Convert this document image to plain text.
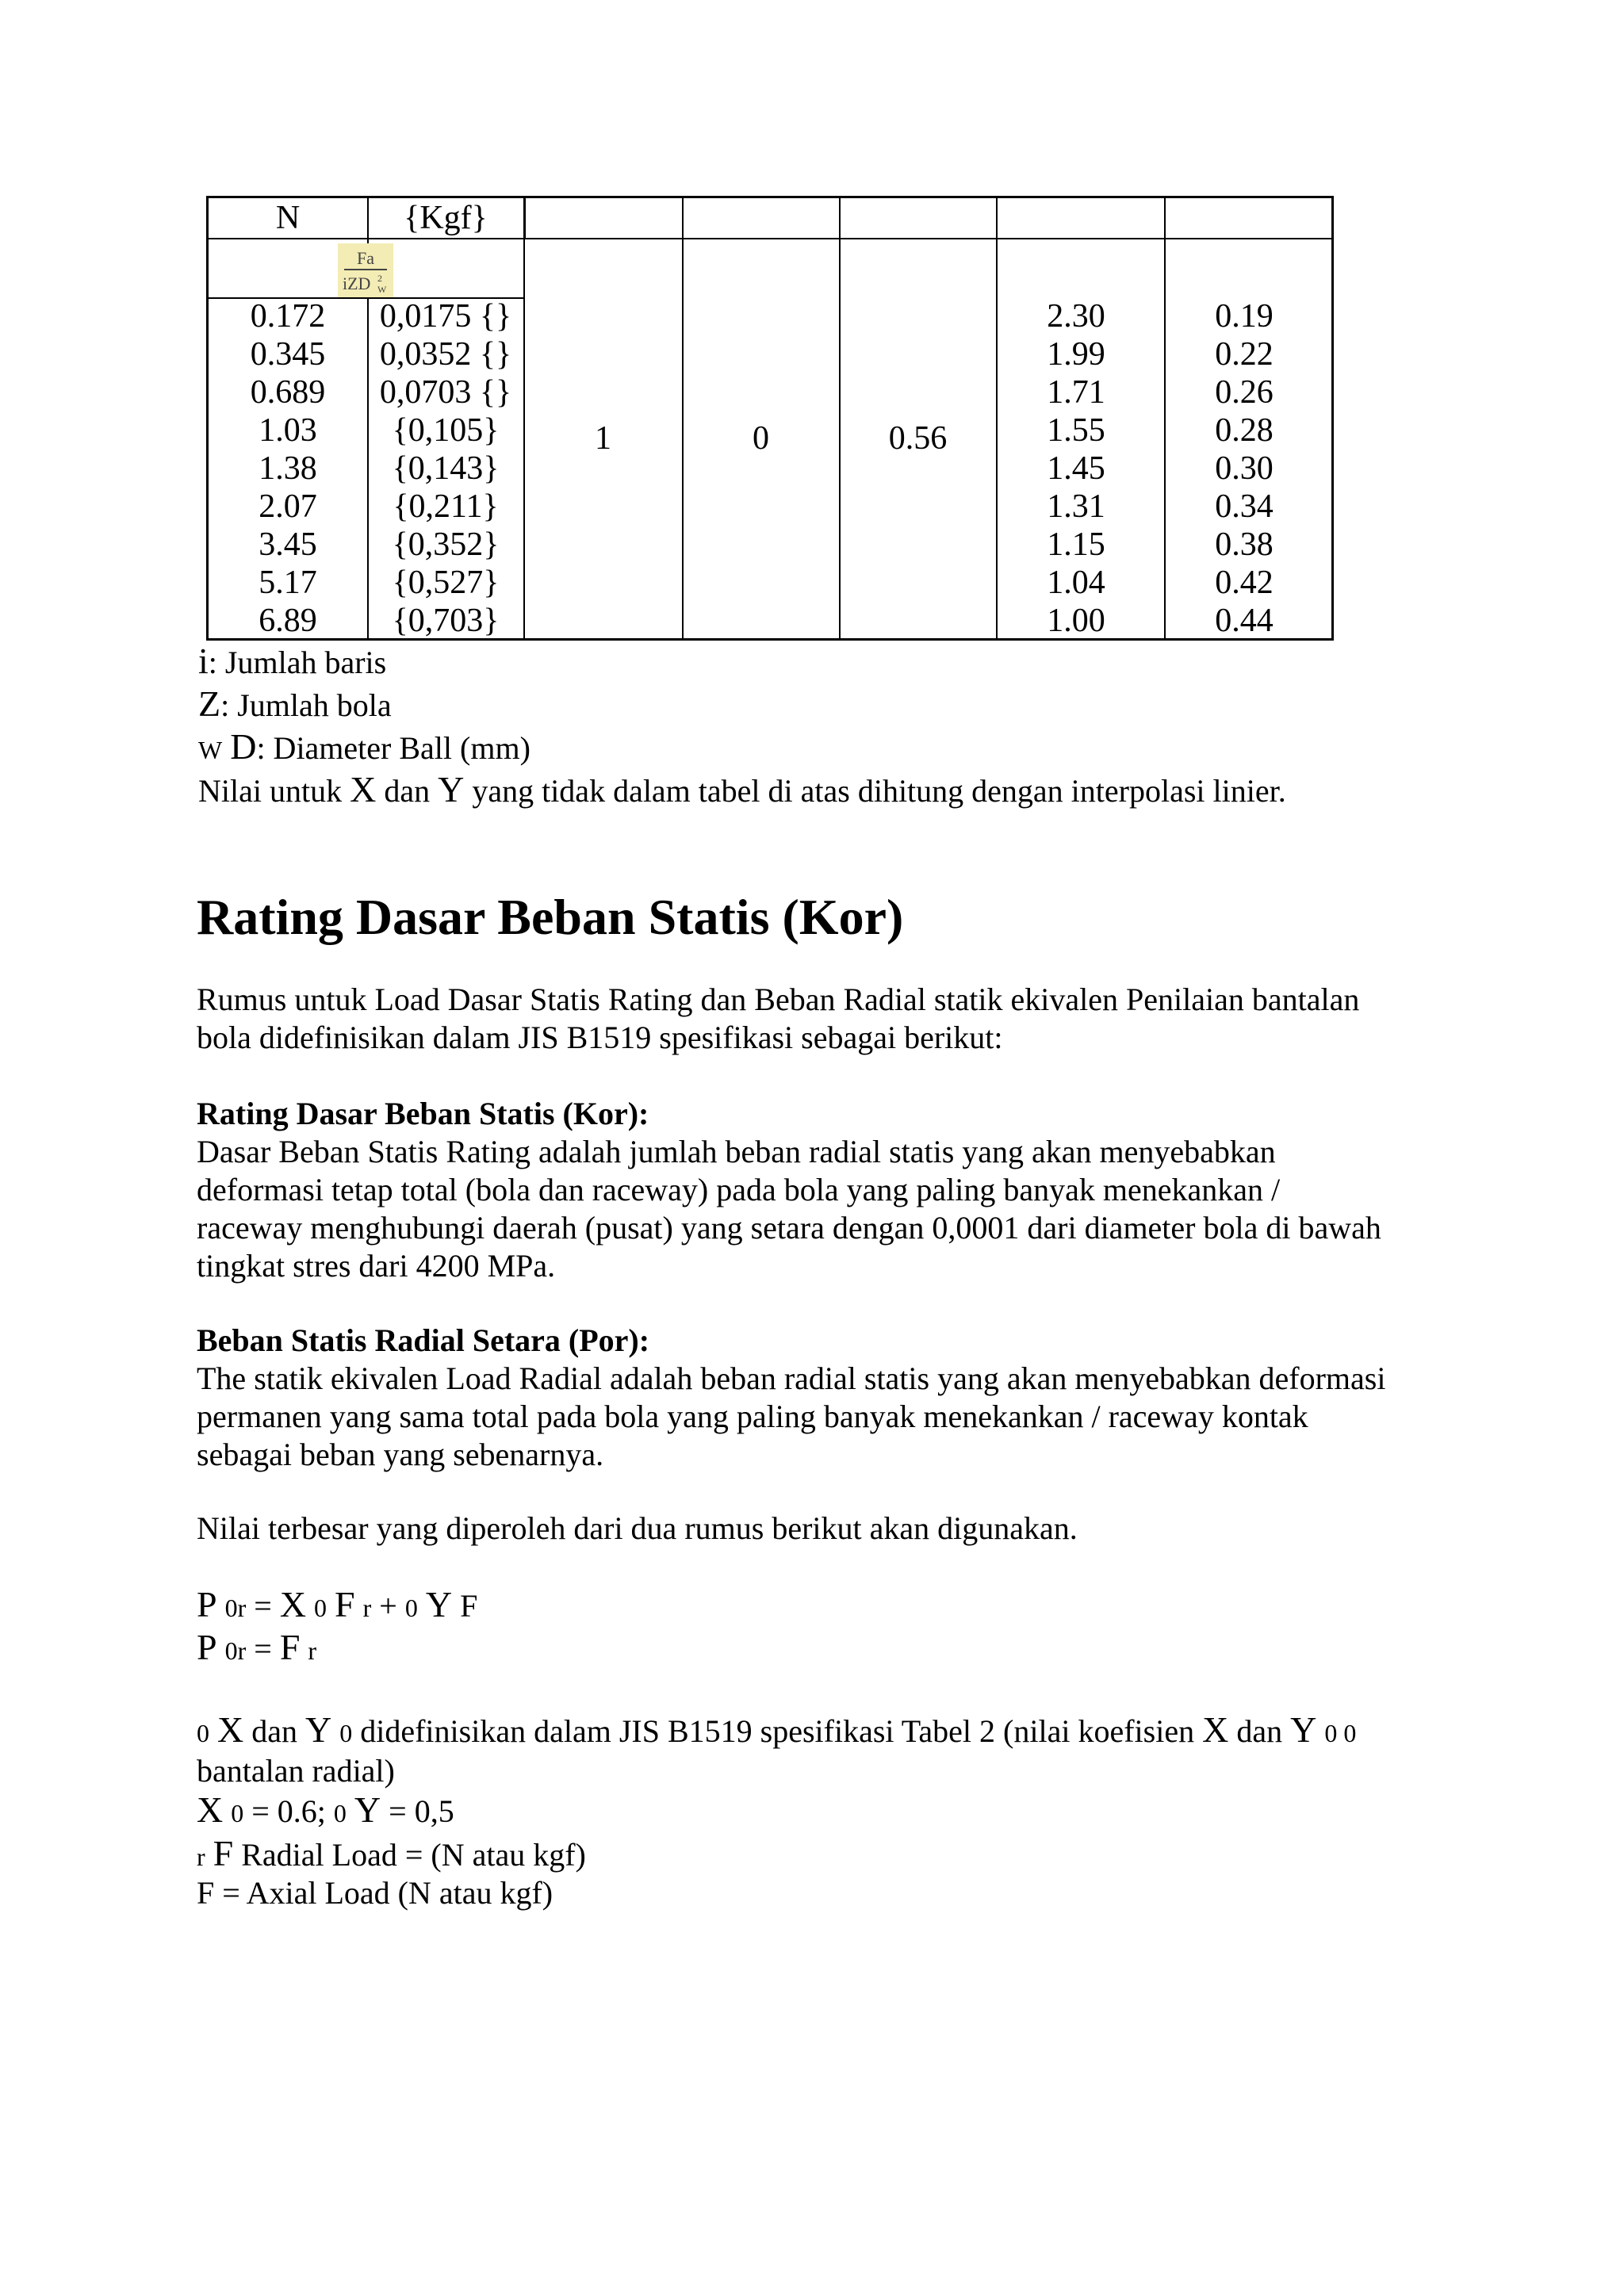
N	{Kgf}
Fa
iZD 2
W
0.172	0,0175 {}	2.30	0.19
0.345	0,0352 {}	1.99	0.22
0.689	0,0703 {}	1.71	0.26
1.03	{0,105}	1.55	0.28
1.38	{0,143}	1.45	0.30
2.07	{0,211}	1.31	0.34
3.45	{0,352}	1.15	0.38
5.17	{0,527}	1.04	0.42
6.89	{0,703}	1.00	0.44
1	0	0.56
i: Jumlah baris
Z: Jumlah bola
W D: Diameter Ball (mm)
Nilai untuk X dan Y yang tidak dalam tabel di atas dihitung dengan interpolasi linier.
Rating Dasar Beban Statis (Kor)
Rumus untuk Load Dasar Statis Rating dan Beban Radial statik ekivalen Penilaian bantalan
bola didefinisikan dalam JIS B1519 spesifikasi sebagai berikut:
Rating Dasar Beban Statis (Kor):
Dasar Beban Statis Rating adalah jumlah beban radial statis yang akan menyebabkan
deformasi tetap total (bola dan raceway) pada bola yang paling banyak menekankan /
raceway menghubungi daerah (pusat) yang setara dengan 0,0001 dari diameter bola di bawah
tingkat stres dari 4200 MPa.
Beban Statis Radial Setara (Por):
The statik ekivalen Load Radial adalah beban radial statis yang akan menyebabkan deformasi
permanen yang sama total pada bola yang paling banyak menekankan / raceway kontak
sebagai beban yang sebenarnya.
Nilai terbesar yang diperoleh dari dua rumus berikut akan digunakan.
P 0r = X 0 F r + 0 Y F
P 0r = F r
0 X dan Y 0 didefinisikan dalam JIS B1519 spesifikasi Tabel 2 (nilai koefisien X dan Y 0 0
bantalan radial)
X 0 = 0.6; 0 Y = 0,5
r F Radial Load = (N atau kgf)
F = Axial Load (N atau kgf)
